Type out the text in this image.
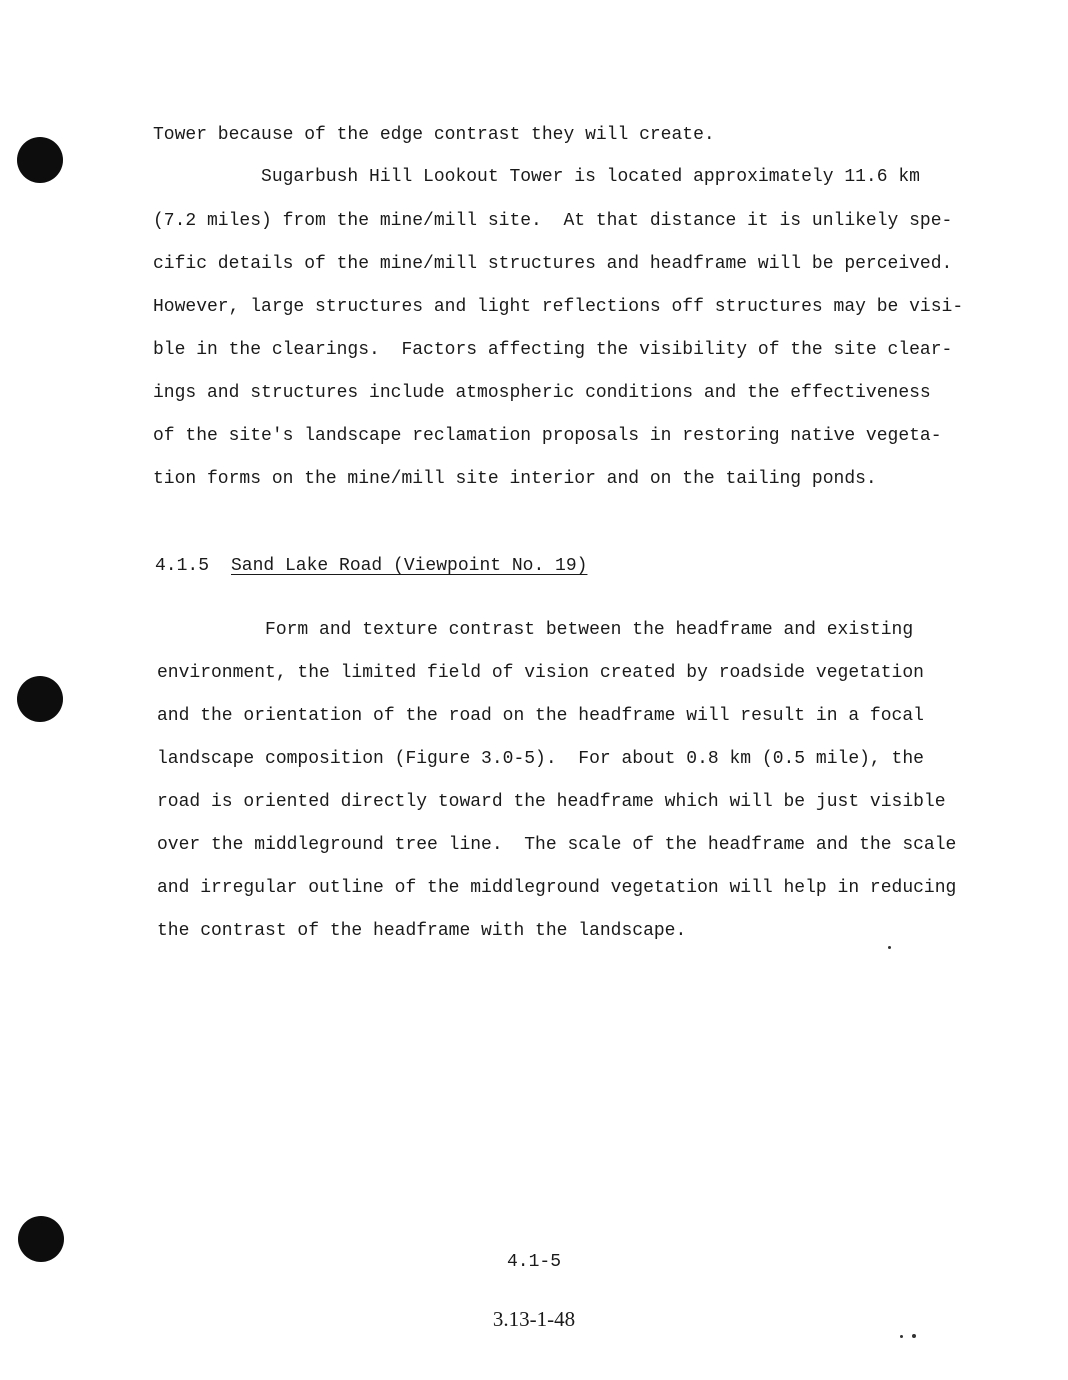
Tower because of the edge contrast they will create.
Sugarbush Hill Lookout Tower is located approximately 11.6 km
(7.2 miles) from the mine/mill site.  At that distance it is unlikely spe-
cific details of the mine/mill structures and headframe will be perceived.
However, large structures and light reflections off structures may be visi-
ble in the clearings.  Factors affecting the visibility of the site clear-
ings and structures include atmospheric conditions and the effectiveness
of the site's landscape reclamation proposals in restoring native vegeta-
tion forms on the mine/mill site interior and on the tailing ponds.
4.1.5 Sand Lake Road (Viewpoint No. 19)
Form and texture contrast between the headframe and existing
environment, the limited field of vision created by roadside vegetation
and the orientation of the road on the headframe will result in a focal
landscape composition (Figure 3.0-5).  For about 0.8 km (0.5 mile), the
road is oriented directly toward the headframe which will be just visible
over the middleground tree line.  The scale of the headframe and the scale
and irregular outline of the middleground vegetation will help in reducing
the contrast of the headframe with the landscape.
4.1-5
3.13-1-48
